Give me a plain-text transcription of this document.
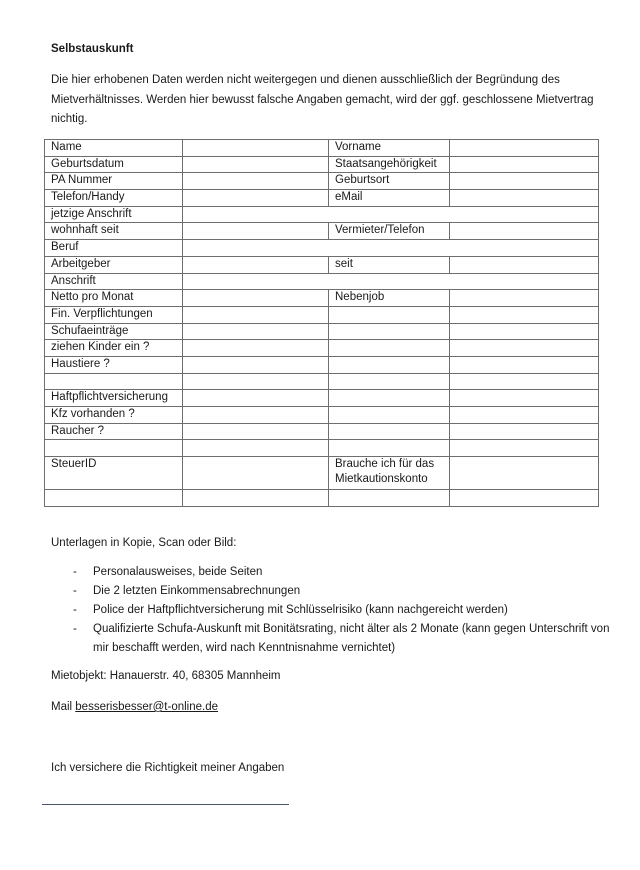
Selbstauskunft
Die hier erhobenen Daten werden nicht weitergegen und dienen ausschließlich der Begründung des Mietverhältnisses. Werden hier bewusst falsche Angaben gemacht, wird der ggf. geschlossene Mietvertrag nichtig.
Name		Vorname	
Geburtsdatum		Staatsangehörigkeit	
PA Nummer		Geburtsort	
Telefon/Handy		eMail	
jetzige Anschrift			
wohnhaft seit		Vermieter/Telefon	
Beruf			
Arbeitgeber		seit	
Anschrift			
Netto pro Monat		Nebenjob	
Fin. Verpflichtungen			
Schufaeinträge			
ziehen Kinder ein ?			
Haustiere ?			

Haftpflichtversicherung			
Kfz vorhanden ?			
Raucher ?			

SteuerID		Brauche ich für das Mietkautionskonto	

Unterlagen in Kopie, Scan oder Bild:
- Personalausweises, beide Seiten
- Die 2 letzten Einkommensabrechnungen
- Police der Haftpflichtversicherung mit Schlüsselrisiko (kann nachgereicht werden)
- Qualifizierte Schufa-Auskunft mit Bonitätsrating, nicht älter als 2 Monate (kann gegen Unterschrift von mir beschafft werden, wird nach Kenntnisnahme vernichtet)
Mietobjekt: Hanauerstr. 40, 68305 Mannheim
Mail besserisbesser@t-online.de
Ich versichere die Richtigkeit meiner Angaben
